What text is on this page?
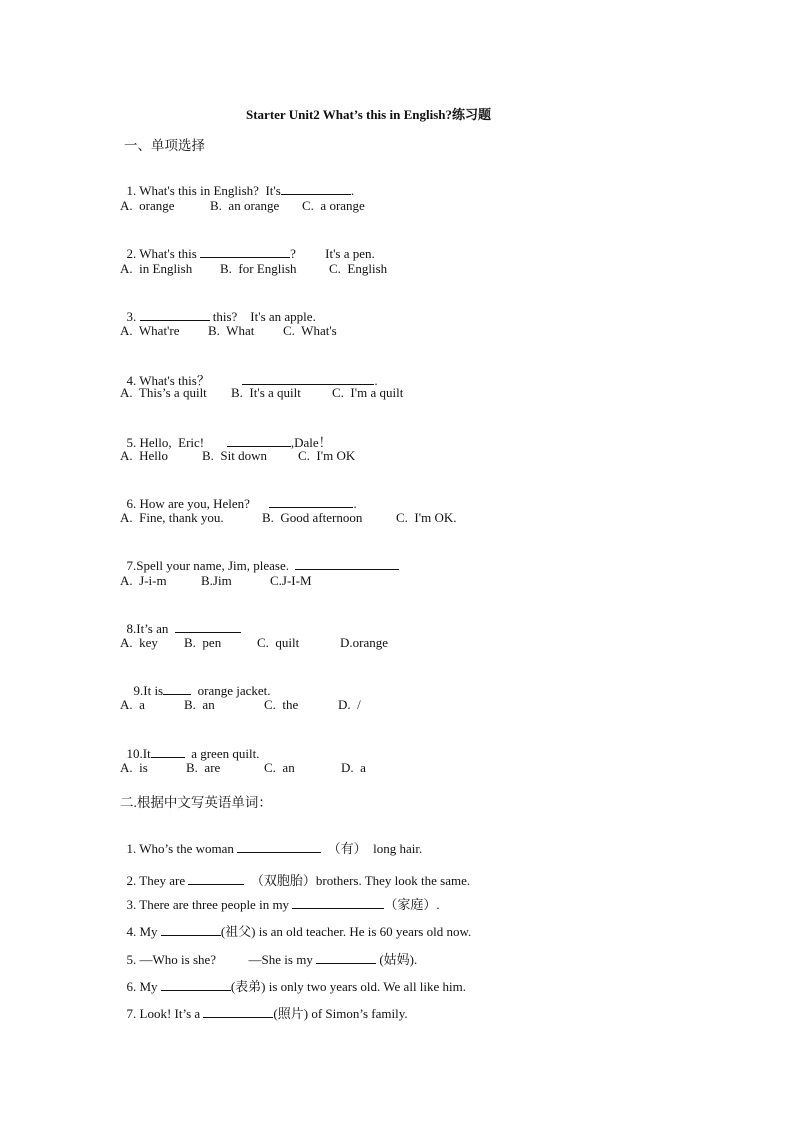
Starter Unit2 What’s this in English?练习题
一、单项选择

1. What's this in English?  It's	.

A.  orange	B.  an orange C.  a orange

2. What's this	?         It's a pen.

A.  in English B.  for English C.  English

3.	this?    It's an apple.

A.  What're B.  What C.  What's

4. What's this？	.

A.  This’s a quilt B.  It's a quilt C.  I'm a quilt

5. Hello,  Eric!	,Dale！

A.  Hello	B.  Sit down C.  I'm OK

6. How are you, Helen?	.

A.  Fine, thank you.	B.  Good afternoon	C.  I'm OK.

7.Spell your name, Jim, please.

A.  J-i-m	B.Jim	C.J-I-M

8.It’s an

A.  key B.  pen	C.  quilt	D.orange

9.It is	orange jacket.

A.  a	B.  an	C.  the	D.  /

10.It	a green quilt.

A.  is	B.  are	C.  an	D.  a
二.根据中文写英语单词：

1. Who’s the woman	（有）  long hair.

2. They are	（双胞胎）brothers. They look the same.

3. There are three people in my	（家庭）.

4. My	(祖父) is an old teacher. He is 60 years old now.

5. —Who is she?          —She is my	(姑妈).

6. My	(表弟) is only two years old. We all like him.

7. Look! It’s a	(照片) of Simon’s family.
